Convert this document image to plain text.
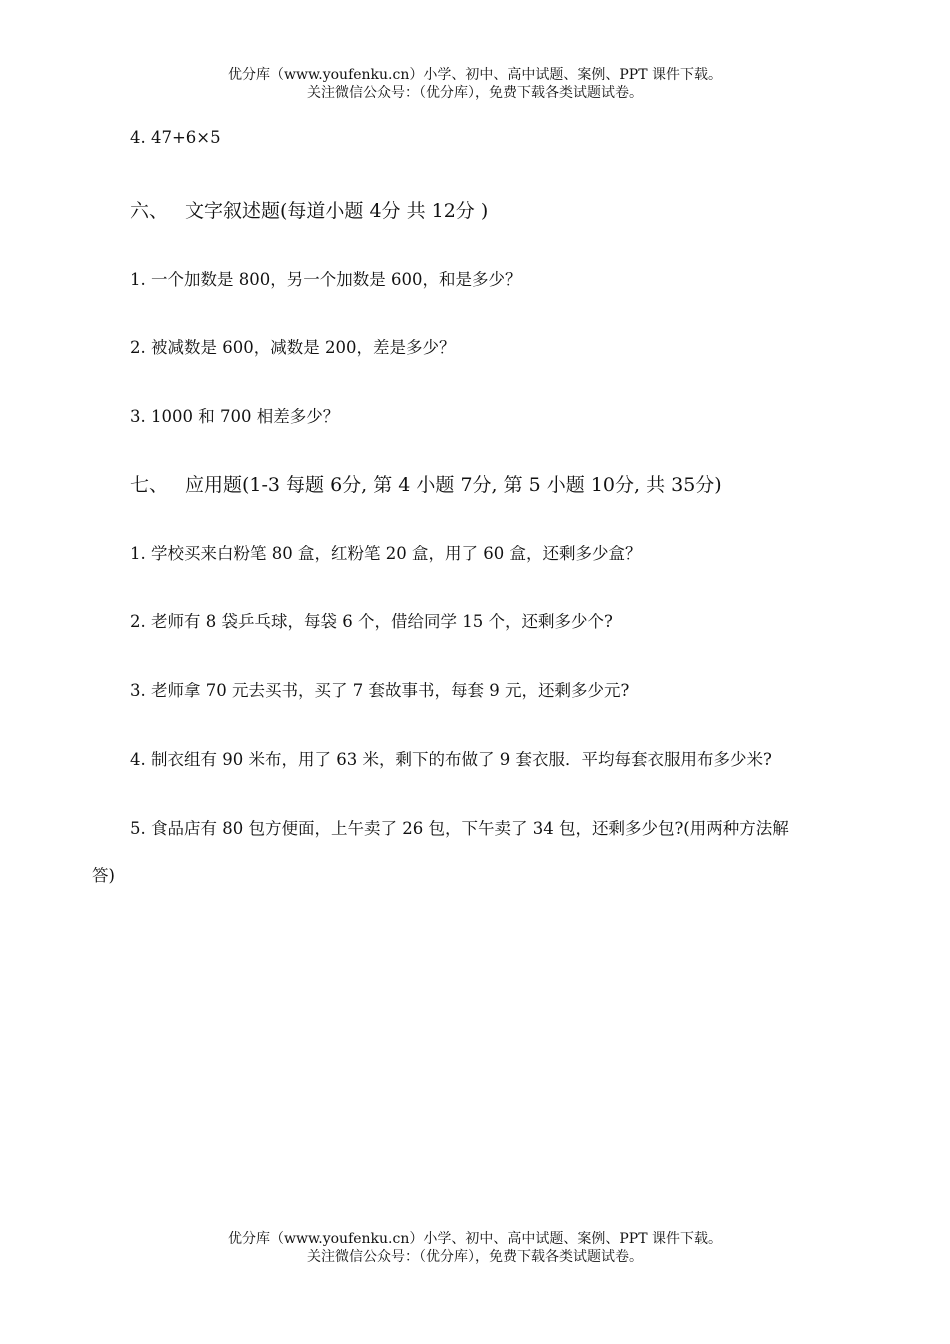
优分库（www.youfenku.cn）小学、初中、高中试题、案例、PPT 课件下载。
关注微信公众号：（优分库），免费下载各类试题试卷。
4. 47+6×5
六、 文字叙述题(每道小题 4分 共 12分 )
1. 一个加数是 800，另一个加数是 600，和是多少？
2. 被减数是 600，减数是 200，差是多少？
3. 1000 和 700 相差多少？
七、 应用题(1-3 每题 6分, 第 4 小题 7分, 第 5 小题 10分, 共 35分)
1. 学校买来白粉笔 80 盒，红粉笔 20 盒，用了 60 盒，还剩多少盒？
2. 老师有 8 袋乒乓球，每袋 6 个，借给同学 15 个，还剩多少个?
3. 老师拿 70 元去买书，买了 7 套故事书，每套 9 元，还剩多少元?
4. 制衣组有 90 米布，用了 63 米，剩下的布做了 9 套衣服．平均每套衣服用布多少米?
5. 食品店有 80 包方便面，上午卖了 26 包，下午卖了 34 包，还剩多少包?(用两种方法解
答)
优分库（www.youfenku.cn）小学、初中、高中试题、案例、PPT 课件下载。
关注微信公众号：（优分库），免费下载各类试题试卷。
